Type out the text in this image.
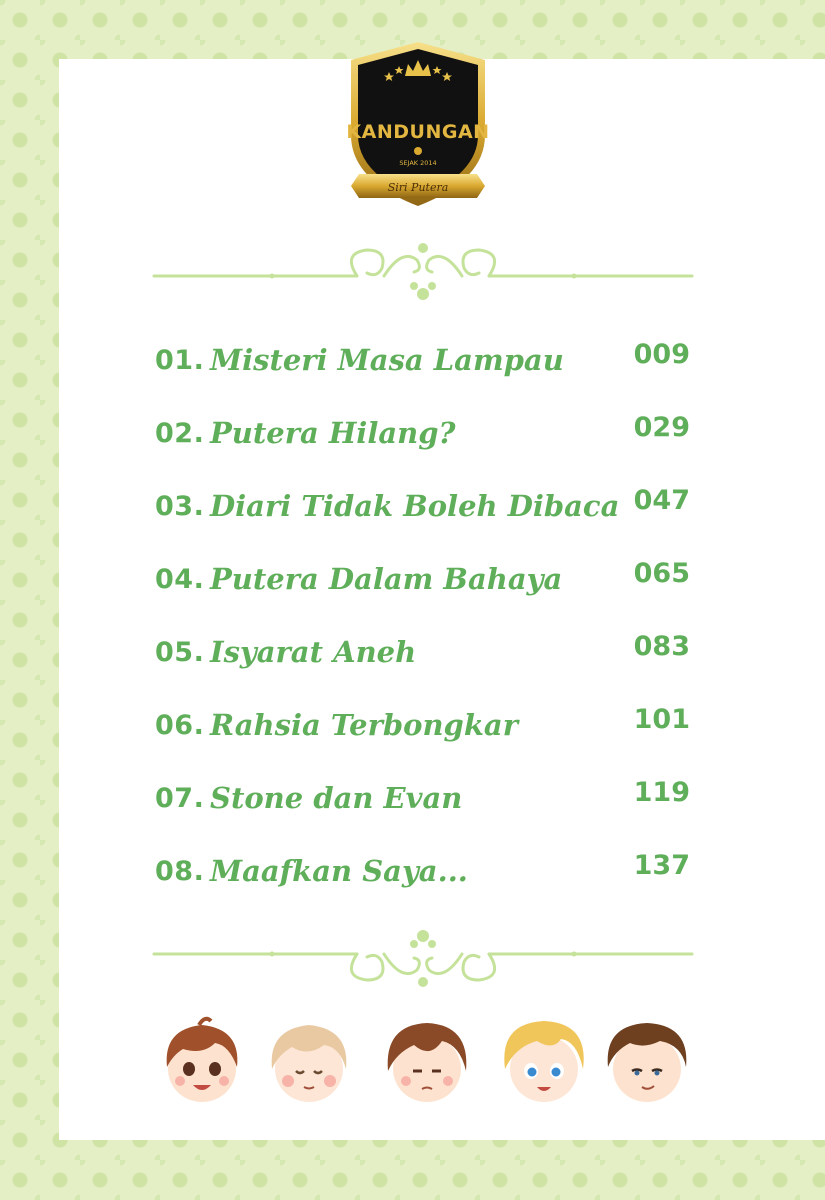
KANDUNGAN
SEJAK 2014
Siri Putera
01. Misteri Masa Lampau	009
02. Putera Hilang?	029
03. Diari Tidak Boleh Dibaca 047
04. Putera Dalam Bahaya	065
05. Isyarat Aneh	083
06. Rahsia Terbongkar	101
07. Stone dan Evan	119
08. Maafkan Saya...	137
